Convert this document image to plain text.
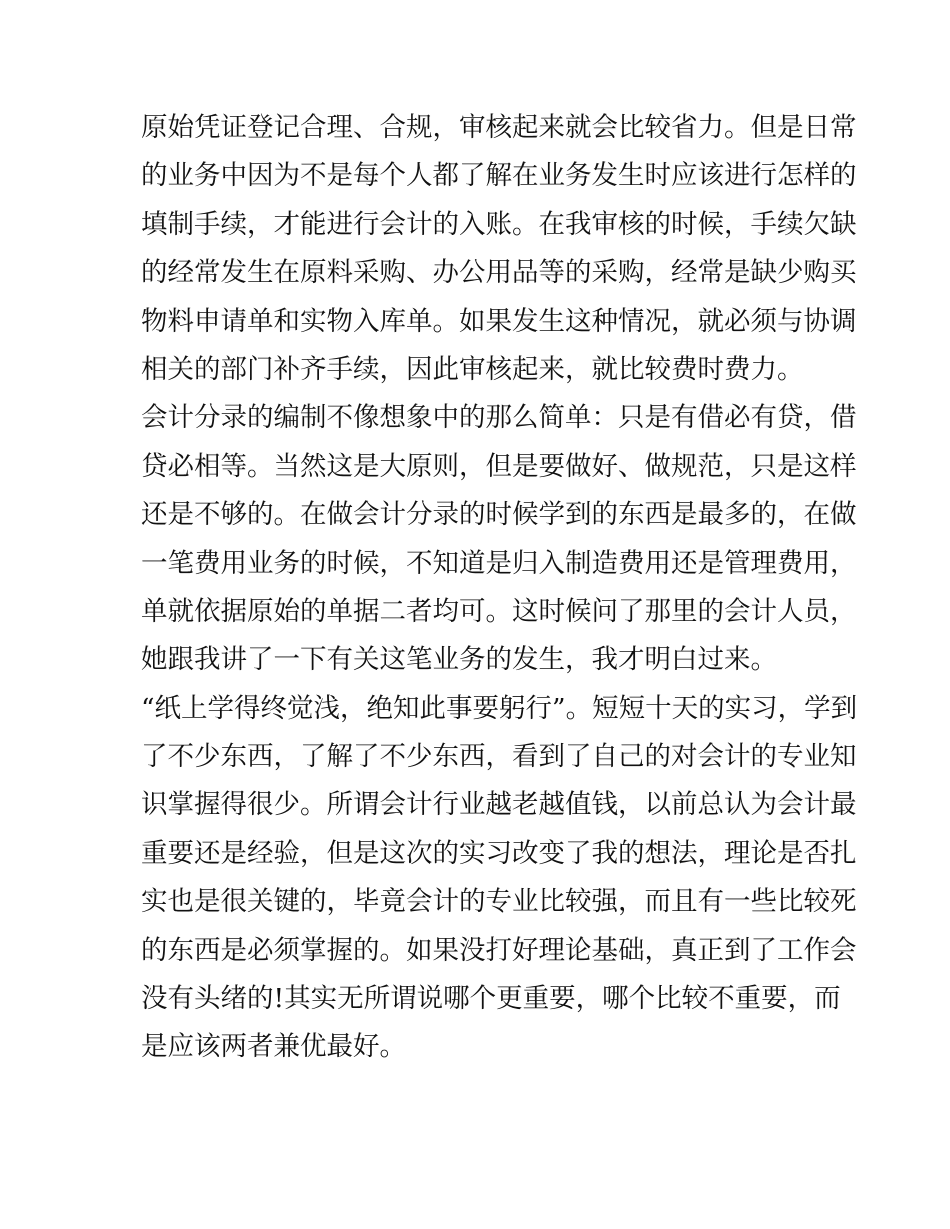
原始凭证登记合理、合规，审核起来就会比较省力。但是日常
的业务中因为不是每个人都了解在业务发生时应该进行怎样的
填制手续，才能进行会计的入账。在我审核的时候，手续欠缺
的经常发生在原料采购、办公用品等的采购，经常是缺少购买
物料申请单和实物入库单。如果发生这种情况，就必须与协调
相关的部门补齐手续，因此审核起来，就比较费时费力。
会计分录的编制不像想象中的那么简单：只是有借必有贷，借
贷必相等。当然这是大原则，但是要做好、做规范，只是这样
还是不够的。在做会计分录的时候学到的东西是最多的，在做
一笔费用业务的时候，不知道是归入制造费用还是管理费用，
单就依据原始的单据二者均可。这时候问了那里的会计人员，
她跟我讲了一下有关这笔业务的发生，我才明白过来。
“纸上学得终觉浅，绝知此事要躬行”。短短十天的实习，学到
了不少东西，了解了不少东西，看到了自己的对会计的专业知
识掌握得很少。所谓会计行业越老越值钱，以前总认为会计最
重要还是经验，但是这次的实习改变了我的想法，理论是否扎
实也是很关键的，毕竟会计的专业比较强，而且有一些比较死
的东西是必须掌握的。如果没打好理论基础，真正到了工作会
没有头绪的!其实无所谓说哪个更重要，哪个比较不重要，而
是应该两者兼优最好。
